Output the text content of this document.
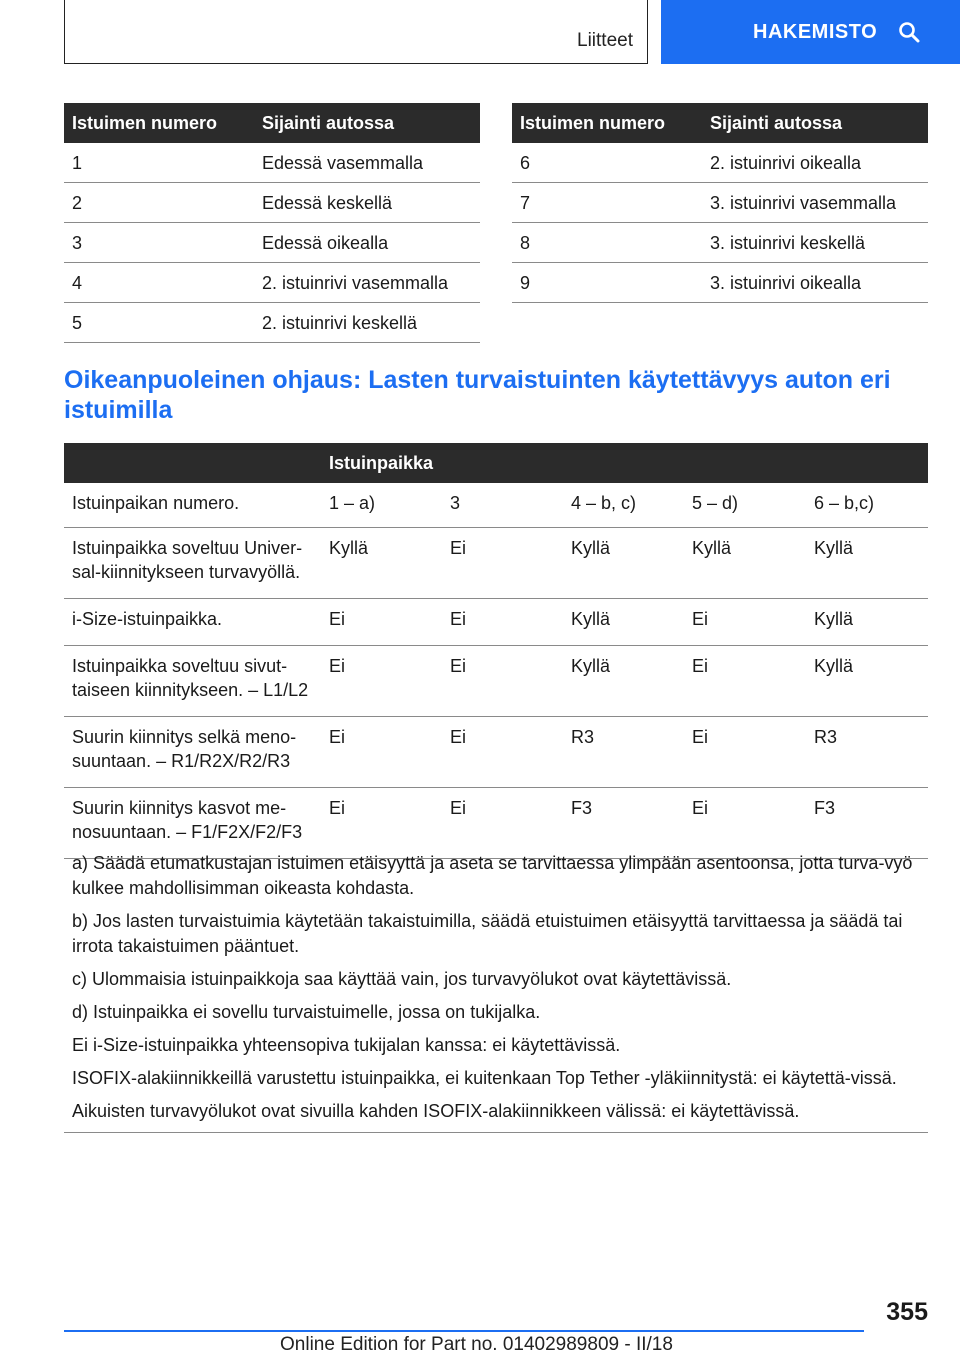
Liitteet	HAKEMISTO
Istuimen numero	Sijainti autossa
1	Edessä vasemmalla
2	Edessä keskellä
3	Edessä oikealla
4	2. istuinrivi vasemmalla
5	2. istuinrivi keskellä
Istuimen numero	Sijainti autossa
6	2. istuinrivi oikealla
7	3. istuinrivi vasemmalla
8	3. istuinrivi keskellä
9	3. istuinrivi oikealla
Oikeanpuoleinen ohjaus: Lasten turvaistuinten käytettävyys auton eri istuimilla
	Istuinpaikka				
Istuinpaikan numero.	1 – a)	3	4 – b, c)	5 – d)	6 – b,c)
Istuinpaikka soveltuu Univer-sal-kiinnitykseen turvavyöllä.	Kyllä	Ei	Kyllä	Kyllä	Kyllä
i-Size-istuinpaikka.	Ei	Ei	Kyllä	Ei	Kyllä
Istuinpaikka soveltuu sivut-taiseen kiinnitykseen. – L1/L2	Ei	Ei	Kyllä	Ei	Kyllä
Suurin kiinnitys selkä meno-suuntaan. – R1/R2X/R2/R3	Ei	Ei	R3	Ei	R3
Suurin kiinnitys kasvot me-nosuuntaan. – F1/F2X/F2/F3	Ei	Ei	F3	Ei	F3

a) Säädä etumatkustajan istuimen etäisyyttä ja aseta se tarvittaessa ylimpään asentoonsa, jotta turva-vyö kulkee mahdollisimman oikeasta kohdasta.

b) Jos lasten turvaistuimia käytetään takaistuimilla, säädä etuistuimen etäisyyttä tarvittaessa ja säädä tai irrota takaistuimen pääntuet.

c) Ulommaisia istuinpaikkoja saa käyttää vain, jos turvavyölukot ovat käytettävissä.

d) Istuinpaikka ei sovellu turvaistuimelle, jossa on tukijalka.

Ei i-Size-istuinpaikka yhteensopiva tukijalan kanssa: ei käytettävissä.

ISOFIX-alakiinnikkeillä varustettu istuinpaikka, ei kuitenkaan Top Tether -yläkiinnitystä: ei käytettä-vissä.

Aikuisten turvavyölukot ovat sivuilla kahden ISOFIX-alakiinnikkeen välissä: ei käytettävissä.

355
Online Edition for Part no. 01402989809 - II/18
